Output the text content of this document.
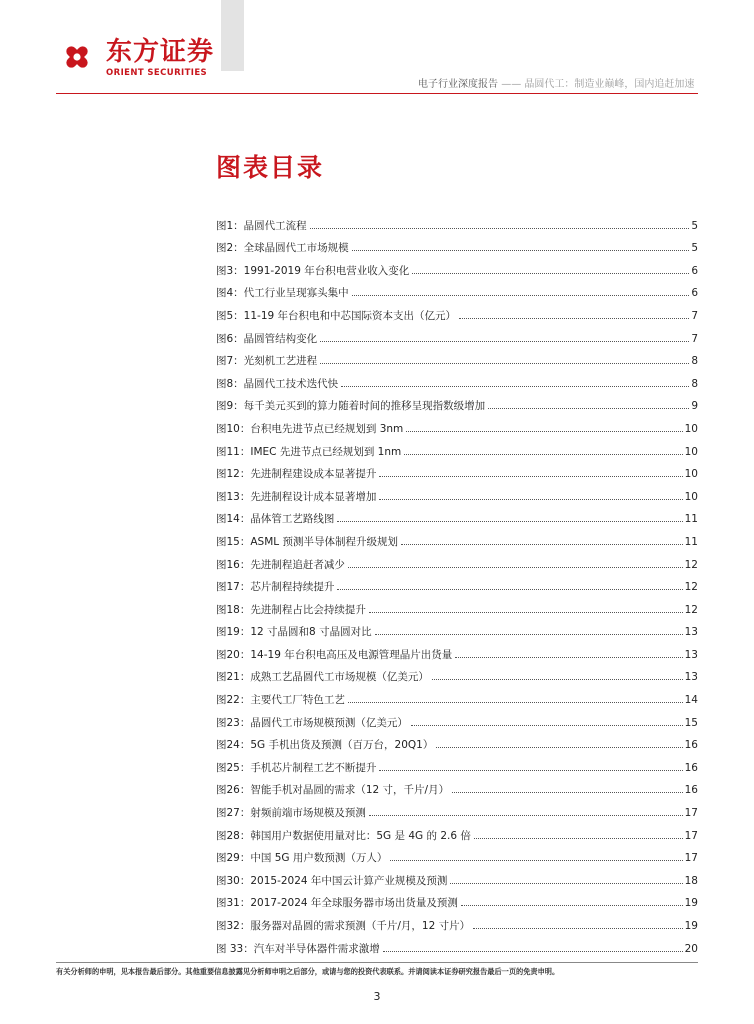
东方证券
ORIENT SECURITIES
电子行业深度报告 —— 晶圆代工：制造业巅峰，国内追赶加速
图表目录
图1：晶圆代工流程	5
图2：全球晶圆代工市场规模	5
图3：1991-2019 年台积电营业收入变化	6
图4：代工行业呈现寡头集中	6
图5：11-19 年台积电和中芯国际资本支出（亿元）	7
图6：晶圆管结构变化	7
图7：光刻机工艺进程	8
图8：晶圆代工技术迭代快	8
图9：每千美元买到的算力随着时间的推移呈现指数级增加	9
图10：台积电先进节点已经规划到 3nm	10
图11：IMEC 先进节点已经规划到 1nm	10
图12：先进制程建设成本显著提升	10
图13：先进制程设计成本显著增加	10
图14：晶体管工艺路线图	11
图15：ASML 预测半导体制程升级规划	11
图16：先进制程追赶者减少	12
图17：芯片制程持续提升	12
图18：先进制程占比会持续提升	12
图19：12 寸晶圆和8 寸晶圆对比	13
图20：14-19 年台积电高压及电源管理晶片出货量	13
图21：成熟工艺晶圆代工市场规模（亿美元）	13
图22：主要代工厂特色工艺	14
图23：晶圆代工市场规模预测（亿美元）	15
图24：5G 手机出货及预测（百万台，20Q1）	16
图25：手机芯片制程工艺不断提升	16
图26：智能手机对晶圆的需求（12 寸，千片/月）	16
图27：射频前端市场规模及预测	17
图28：韩国用户数据使用量对比：5G 是 4G 的 2.6 倍	17
图29：中国 5G 用户数预测（万人）	17
图30：2015-2024 年中国云计算产业规模及预测	18
图31：2017-2024 年全球服务器市场出货量及预测	19
图32：服务器对晶圆的需求预测（千片/月，12 寸片）	19
图 33：汽车对半导体器件需求激增	20
有关分析师的申明，见本报告最后部分。其他重要信息披露见分析师申明之后部分，或请与您的投资代表联系。并请阅读本证券研究报告最后一页的免责申明。
3
